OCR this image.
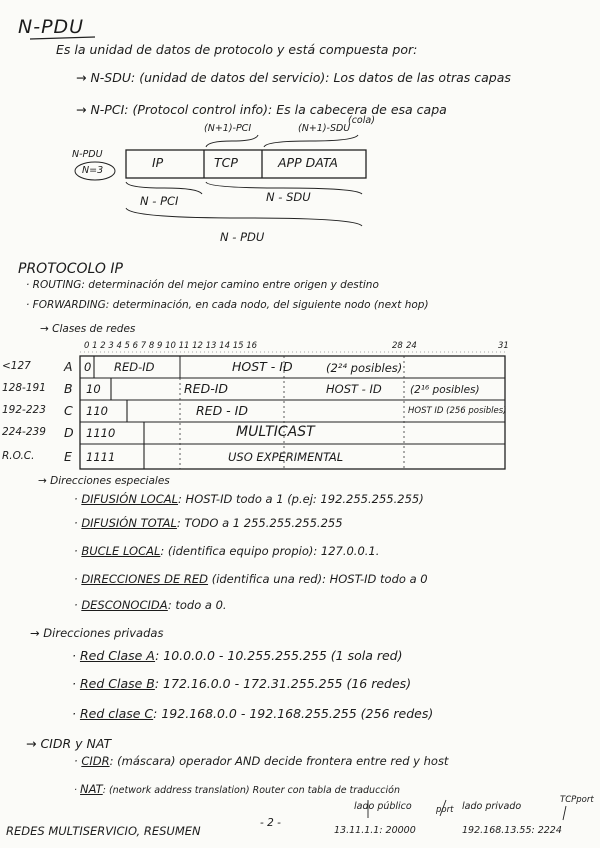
N-PDU
Es la unidad de datos de protocolo y está compuesta por:
→ N-SDU: (unidad de datos del servicio): Los datos de las otras capas
→ N-PCI: (Protocol control info): Es la cabecera de esa capa
(N+1)-PCI	(N+1)-SDU
(cola)
N-PDU
N=3
IP	TCP	APP DATA
N - PCI	N - SDU
N - PDU
PROTOCOLO IP
· ROUTING: determinación del mejor camino entre origen y destino
· FORWARDING: determinación, en cada nodo, del siguiente nodo (next hop)
→ Clases de redes
0 1 2 3 4 5 6 7 8 9 10 11 12 13 14 15 16	28 24	31
<127	A 0 RED-ID	HOST - ID	(2²⁴ posibles)
128-191 B 10	RED-ID	HOST - ID	(2¹⁶ posibles)
192-223 C 110	RED - ID	HOST ID (256 posibles)
224-239 D 1110	MULTICAST
R.O.C. E 1111	USO EXPERIMENTAL
→ Direcciones especiales
· DIFUSIÓN LOCAL: HOST-ID todo a 1 (p.ej: 192.255.255.255)
· DIFUSIÓN TOTAL: TODO a 1 255.255.255.255
· BUCLE LOCAL: (identifica equipo propio): 127.0.0.1.
· DIRECCIONES DE RED (identifica una red): HOST-ID todo a 0
· DESCONOCIDA: todo a 0.
→ Direcciones privadas
· Red Clase A: 10.0.0.0 - 10.255.255.255 (1 sola red)
· Red Clase B: 172.16.0.0 - 172.31.255.255 (16 redes)
· Red clase C: 192.168.0.0 - 192.168.255.255 (256 redes)
→ CIDR y NAT
· CIDR: (máscara) operador AND decide frontera entre red y host
· NAT: (network address translation) Router con tabla de traducción
lado público	port lado privado
TCPport
13.11.1.1: 20000	192.168.13.55: 2224
REDES MULTISERVICIO, RESUMEN
- 2 -
